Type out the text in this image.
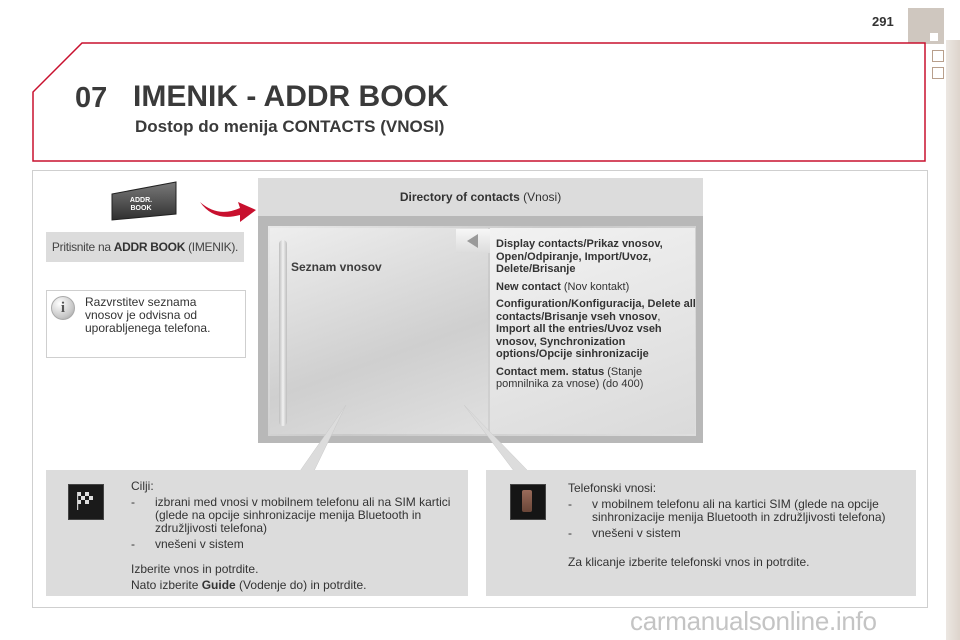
291
07 IMENIK - ADDR BOOK
Dostop do menija CONTACTS (VNOSI)
ADDR.
BOOK
Pritisnite na ADDR BOOK (IMENIK).
i	Razvrstitev seznama vnosov je odvisna od uporabljenega telefona.
Directory of contacts (Vnosi)
Seznam vnosov
Display contacts/Prikaz vnosov, Open/Odpiranje, Import/Uvoz, Delete/Brisanje
New contact (Nov kontakt)
Configuration/Konfiguracija, Delete all contacts/Brisanje vseh vnosov, Import all the entries/Uvoz vseh vnosov, Synchronization options/Opcije sinhronizacije
Contact mem. status (Stanje pomnilnika za vnose) (do 400)
Cilji:
-	izbrani med vnosi v mobilnem telefonu ali na SIM kartici (glede na opcije sinhronizacije menija Bluetooth in združljivosti telefona)
-	vnešeni v sistem
Izberite vnos in potrdite.
Nato izberite Guide (Vodenje do) in potrdite.
Telefonski vnosi:
-	v mobilnem telefonu ali na kartici SIM (glede na opcije sinhronizacije menija Bluetooth in združljivosti telefona)
-	vnešeni v sistem
Za klicanje izberite telefonski vnos in potrdite.
carmanualsonline.info
